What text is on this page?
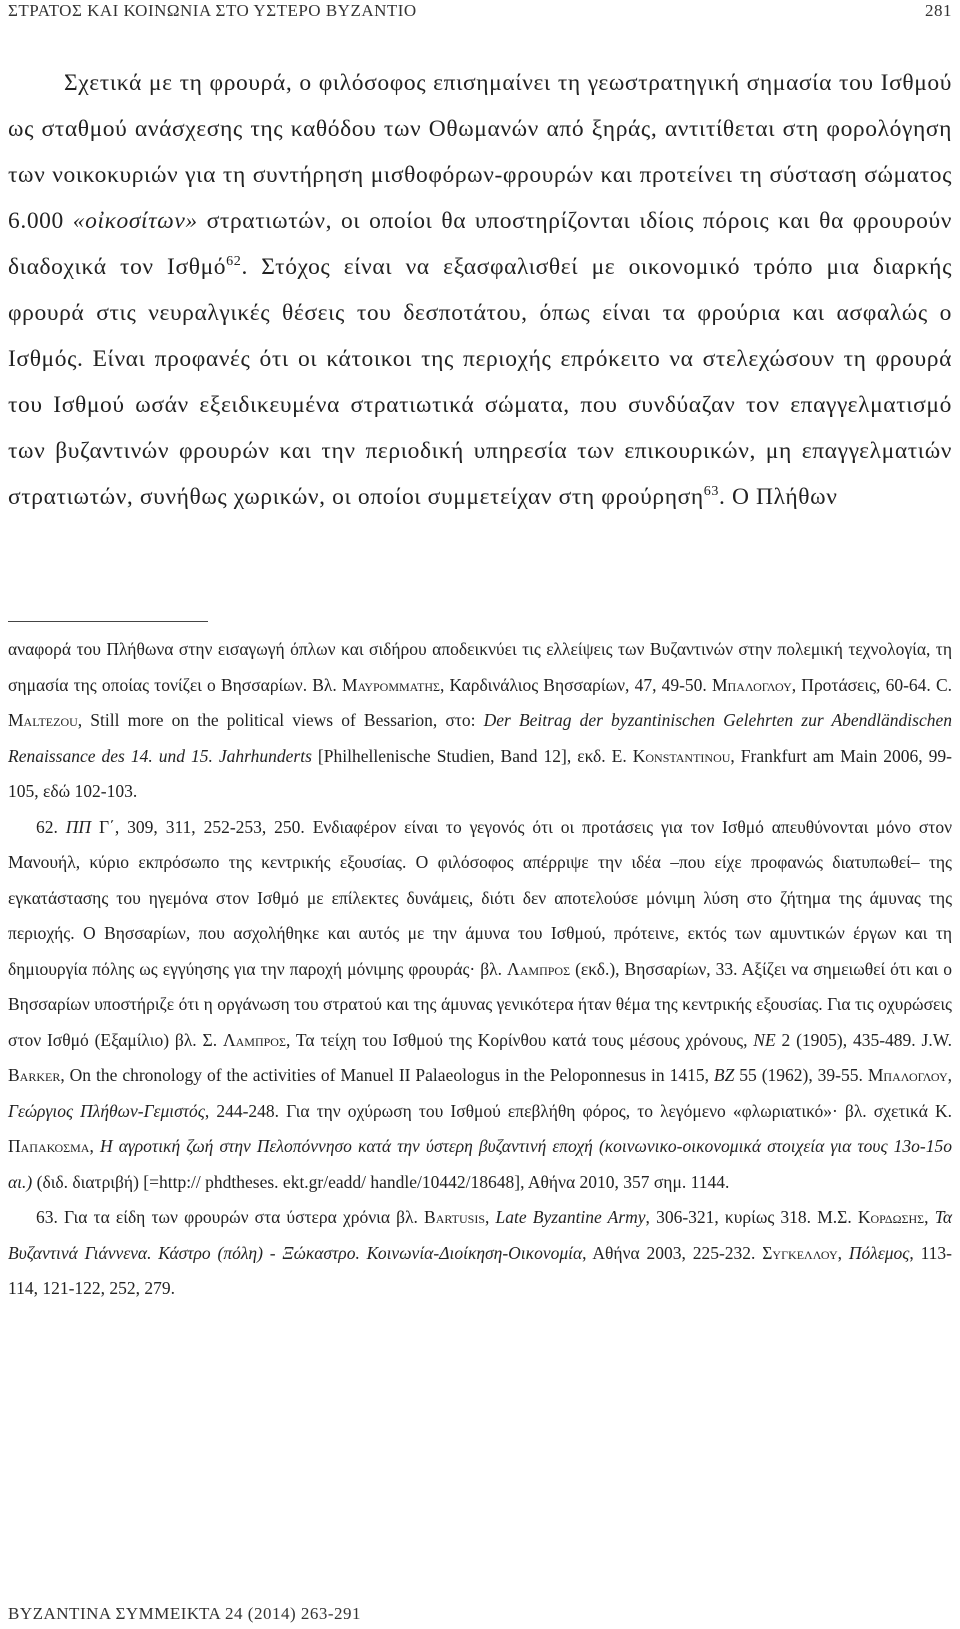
ΣΤΡΑΤΟΣ ΚΑΙ ΚΟΙΝΩΝΙΑ ΣΤΟ ΥΣΤΕΡΟ ΒΥΖΑΝΤΙΟ	281

Σχετικά με τη φρουρά, ο φιλόσοφος επισημαίνει τη γεωστρατηγική σημασία του Ισθμού ως σταθμού ανάσχεσης της καθόδου των Οθωμανών από ξηράς, αντιτίθεται στη φορολόγηση των νοικοκυριών για τη συντήρηση μισθοφόρων-φρουρών και προτείνει τη σύσταση σώματος 6.000 «οἰκοσίτων» στρατιωτών, οι οποίοι θα υποστηρίζονται ιδίοις πόροις και θα φρουρούν διαδοχικά τον Ισθμό$^{62}$. Στόχος είναι να εξασφαλισθεί με οικονομικό τρόπο μια διαρκής φρουρά στις νευραλγικές θέσεις του δεσποτάτου, όπως είναι τα φρούρια και ασφαλώς ο Ισθμός. Είναι προφανές ότι οι κάτοικοι της περιοχής επρόκειτο να στελεχώσουν τη φρουρά του Ισθμού ωσάν εξειδικευμένα στρατιωτικά σώματα, που συνδύαζαν τον επαγγελματισμό των βυζαντινών φρουρών και την περιοδική υπηρεσία των επικουρικών, μη επαγγελματιών στρατιωτών, συνήθως χωρικών, οι οποίοι συμμετείχαν στη φρούρηση$^{63}$. Ο Πλήθων

αναφορά του Πλήθωνα στην εισαγωγή όπλων και σιδήρου αποδεικνύει τις ελλείψεις των Βυζαντινών στην πολεμική τεχνολογία, τη σημασία της οποίας τονίζει ο Βησσαρίων. Βλ. Μαυρομματης, Καρδινάλιος Βησσαρίων, 47, 49-50. Μπαλογλου, Προτάσεις, 60-64. C. Maltezou, Still more on the political views of Bessarion, στο: Der Beitrag der byzantinischen Gelehrten zur Abendländischen Renaissance des 14. und 15. Jahrhunderts [Philhellenische Studien, Band 12], εκδ. E. Konstantinou, Frankfurt am Main 2006, 99-105, εδώ 102-103.

62. ΠΠ Γ΄, 309, 311, 252-253, 250. Ενδιαφέρον είναι το γεγονός ότι οι προτάσεις για τον Ισθμό απευθύνονται μόνο στον Μανουήλ, κύριο εκπρόσωπο της κεντρικής εξουσίας. Ο φιλόσοφος απέρριψε την ιδέα –που είχε προφανώς διατυπωθεί– της εγκατάστασης του ηγεμόνα στον Ισθμό με επίλεκτες δυνάμεις, διότι δεν αποτελούσε μόνιμη λύση στο ζήτημα της άμυνας της περιοχής. Ο Βησσαρίων, που ασχολήθηκε και αυτός με την άμυνα του Ισθμού, πρότεινε, εκτός των αμυντικών έργων και τη δημιουργία πόλης ως εγγύησης για την παροχή μόνιμης φρουράς· βλ. Λαμπρος (εκδ.), Βησσαρίων, 33. Αξίζει να σημειωθεί ότι και ο Βησσαρίων υποστήριζε ότι η οργάνωση του στρατού και της άμυνας γενικότερα ήταν θέμα της κεντρικής εξουσίας. Για τις οχυρώσεις στον Ισθμό (Εξαμίλιο) βλ. Σ. Λαμπρος, Τα τείχη του Ισθμού της Κορίνθου κατά τους μέσους χρόνους, ΝΕ 2 (1905), 435-489. J.W. Barker, On the chronology of the activities of Manuel II Palaeologus in the Peloponnesus in 1415, BZ 55 (1962), 39-55. Μπαλογλου, Γεώργιος Πλήθων-Γεμιστός, 244-248. Για την οχύρωση του Ισθμού επεβλήθη φόρος, το λεγόμενο «φλωριατικό»· βλ. σχετικά Κ. Παπακοσμα, Η αγροτική ζωή στην Πελοπόννησο κατά την ύστερη βυζαντινή εποχή (κοινωνικο-οικονομικά στοιχεία για τους 13ο-15ο αι.) (διδ. διατριβή) [=http:// phdtheses. ekt.gr/eadd/ handle/10442/18648], Αθήνα 2010, 357 σημ. 1144.

63. Για τα είδη των φρουρών στα ύστερα χρόνια βλ. Bartusis, Late Byzantine Army, 306-321, κυρίως 318. Μ.Σ. Κορδωσης, Τα Βυζαντινά Γιάννενα. Κάστρο (πόλη) - Ξώκαστρο. Κοινωνία-Διοίκηση-Οικονομία, Αθήνα 2003, 225-232. Συγκελλου, Πόλεμος, 113-114, 121-122, 252, 279.

ΒΥΖΑΝΤΙΝΑ ΣΥΜΜΕΙΚΤΑ 24 (2014) 263-291
